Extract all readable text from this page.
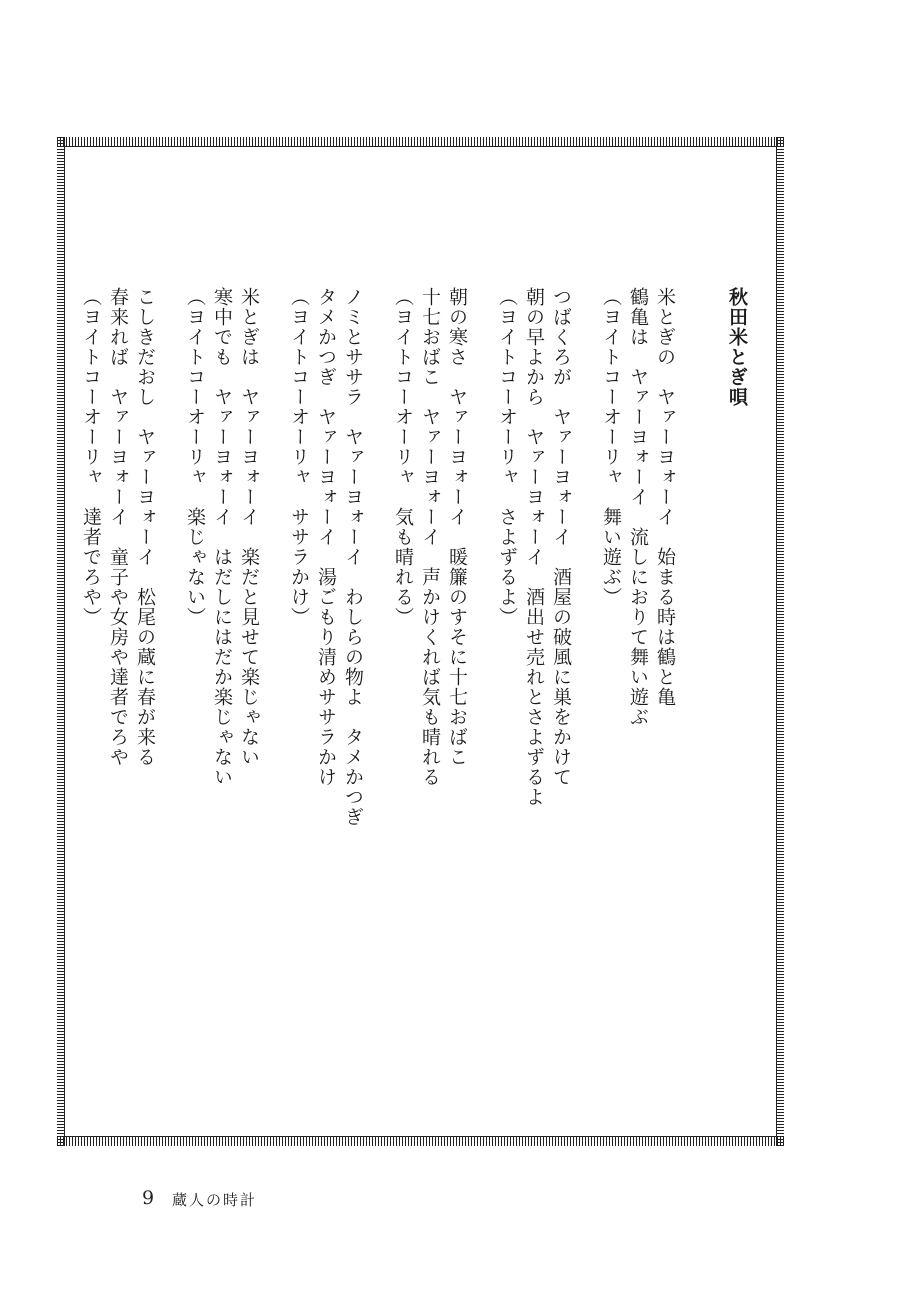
秋田米とぎ唄
米とぎの　ヤァーヨォーイ　始まる時は鶴と亀
鶴亀は　ヤァーヨォーイ　流しにおりて舞い遊ぶ
（ヨイトコーオーリャ　舞い遊ぶ）
つばくろが　ヤァーヨォーイ　酒屋の破風に巣をかけて
朝の早よから　ヤァーヨォーイ　酒出せ売れとさよずるよ
（ヨイトコーオーリャ　さよずるよ）
朝の寒さ　ヤァーヨォーイ　暖簾のすそに十七おばこ
十七おばこ　ヤァーヨォーイ　声かけくれば気も晴れる
（ヨイトコーオーリャ　気も晴れる）
ノミとササラ　ヤァーヨォーイ　わしらの物よ　タメかつぎ
タメかつぎ　ヤァーヨォーイ　湯ごもり清めササラかけ
（ヨイトコーオーリャ　ササラかけ）
米とぎは　ヤァーヨォーイ　楽だと見せて楽じゃない
寒中でも　ヤァーヨォーイ　はだしにはだか楽じゃない
（ヨイトコーオーリャ　楽じゃない）
こしきだおし　ヤァーヨォーイ　松尾の蔵に春が来る
春来れば　ヤァーヨォーイ　童子や女房や達者でろや
（ヨイトコーオーリャ　達者でろや）
9 蔵人の時計
